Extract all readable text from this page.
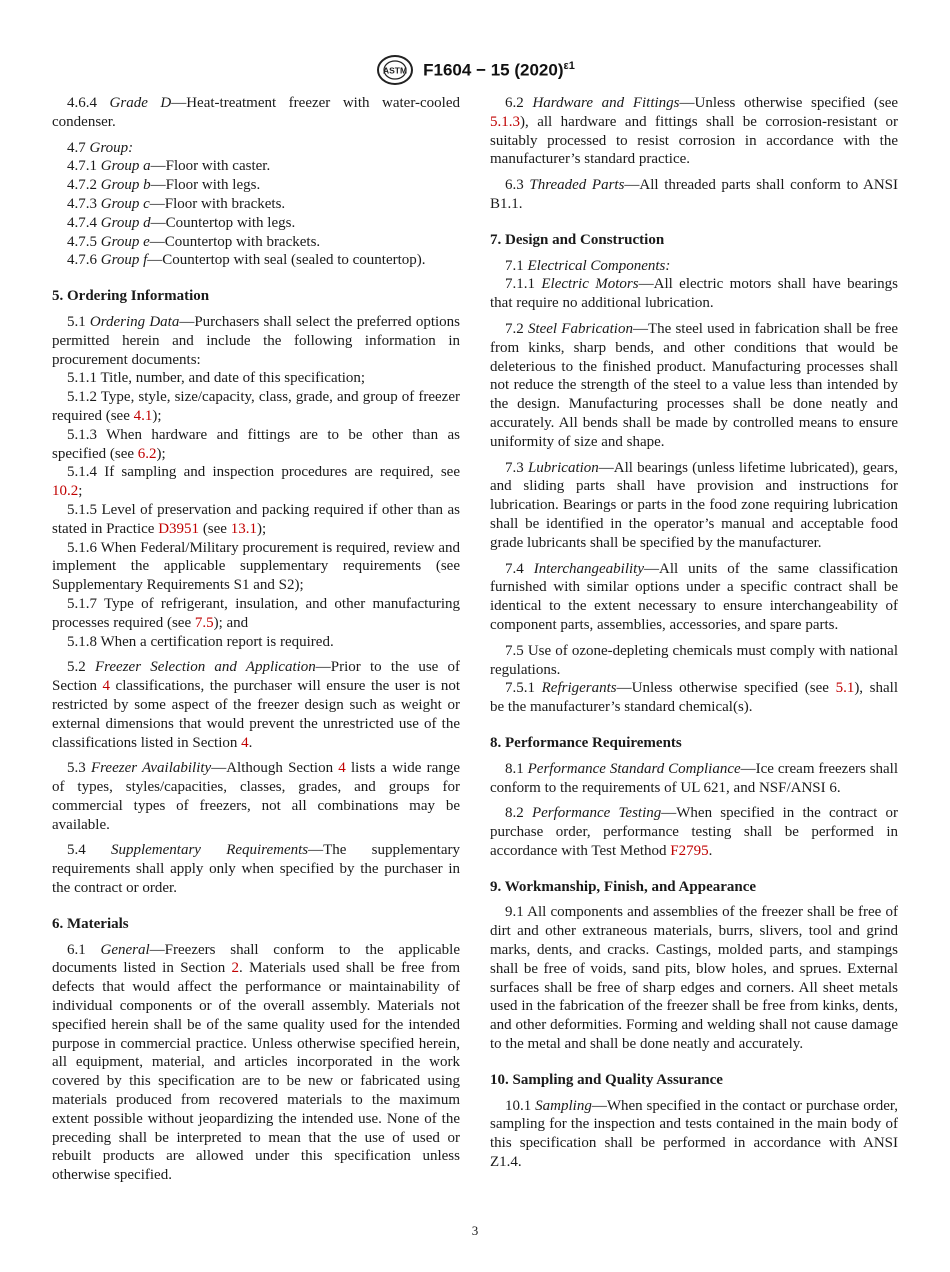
ASTM F1604 − 15 $(2020)^{\varepsilon 1}$

4.6.4 Grade D—Heat-treatment freezer with water-cooled condenser.

4.7 Group:

4.7.1 Group a—Floor with caster.
4.7.2 Group b—Floor with legs.
4.7.3 Group c—Floor with brackets.
4.7.4 Group d—Countertop with legs.
4.7.5 Group e—Countertop with brackets.
4.7.6 Group f—Countertop with seal (sealed to countertop).
5. Ordering Information

5.1 Ordering Data—Purchasers shall select the preferred options permitted herein and include the following information in procurement documents:

5.1.1 Title, number, and date of this specification;

5.1.2 Type, style, size/capacity, class, grade, and group of freezer required (see 4.1);

5.1.3 When hardware and fittings are to be other than as specified (see 6.2);

5.1.4 If sampling and inspection procedures are required, see 10.2;

5.1.5 Level of preservation and packing required if other than as stated in Practice D3951 (see 13.1);

5.1.6 When Federal/Military procurement is required, review and implement the applicable supplementary requirements (see Supplementary Requirements S1 and S2);

5.1.7 Type of refrigerant, insulation, and other manufacturing processes required (see 7.5); and

5.1.8 When a certification report is required.

5.2 Freezer Selection and Application—Prior to the use of Section 4 classifications, the purchaser will ensure the user is not restricted by some aspect of the freezer design such as weight or external dimensions that would prevent the unrestricted use of the classifications listed in Section 4.

5.3 Freezer Availability—Although Section 4 lists a wide range of types, styles/capacities, classes, grades, and groups for commercial types of freezers, not all combinations may be available.

5.4 Supplementary Requirements—The supplementary requirements shall apply only when specified by the purchaser in the contract or order.

6. Materials

6.1 General—Freezers shall conform to the applicable documents listed in Section 2. Materials used shall be free from defects that would affect the performance or maintainability of individual components or of the overall assembly. Materials not specified herein shall be of the same quality used for the intended purpose in commercial practice. Unless otherwise specified herein, all equipment, material, and articles incorporated in the work covered by this specification are to be new or fabricated using materials produced from recovered materials to the maximum extent possible without jeopardizing the intended use. None of the preceding shall be interpreted to mean that the use of used or rebuilt products are allowed under this specification unless otherwise specified.

6.2 Hardware and Fittings—Unless otherwise specified (see 5.1.3), all hardware and fittings shall be corrosion-resistant or suitably processed to resist corrosion in accordance with the manufacturer’s standard practice.

6.3 Threaded Parts—All threaded parts shall conform to ANSI B1.1.

7. Design and Construction

7.1 Electrical Components:

7.1.1 Electric Motors—All electric motors shall have bearings that require no additional lubrication.

7.2 Steel Fabrication—The steel used in fabrication shall be free from kinks, sharp bends, and other conditions that would be deleterious to the finished product. Manufacturing processes shall not reduce the strength of the steel to a value less than intended by the design. Manufacturing processes shall be done neatly and accurately. All bends shall be made by controlled means to ensure uniformity of size and shape.

7.3 Lubrication—All bearings (unless lifetime lubricated), gears, and sliding parts shall have provision and instructions for lubrication. Bearings or parts in the food zone requiring lubrication shall be identified in the operator’s manual and acceptable food grade lubricants shall be specified by the manufacturer.

7.4 Interchangeability—All units of the same classification furnished with similar options under a specific contract shall be identical to the extent necessary to ensure interchangeability of component parts, assemblies, accessories, and spare parts.

7.5 Use of ozone-depleting chemicals must comply with national regulations.

7.5.1 Refrigerants—Unless otherwise specified (see 5.1), shall be the manufacturer’s standard chemical(s).

8. Performance Requirements

8.1 Performance Standard Compliance—Ice cream freezers shall conform to the requirements of UL 621, and NSF/ANSI 6.

8.2 Performance Testing—When specified in the contract or purchase order, performance testing shall be performed in accordance with Test Method F2795.

9. Workmanship, Finish, and Appearance

9.1 All components and assemblies of the freezer shall be free of dirt and other extraneous materials, burrs, slivers, tool and grind marks, dents, and cracks. Castings, molded parts, and stampings shall be free of voids, sand pits, blow holes, and sprues. External surfaces shall be free of sharp edges and corners. All sheet metals used in the fabrication of the freezer shall be free from kinks, dents, and other deformities. Forming and welding shall not cause damage to the metal and shall be done neatly and accurately.

10. Sampling and Quality Assurance

10.1 Sampling—When specified in the contact or purchase order, sampling for the inspection and tests contained in the main body of this specification shall be performed in accordance with ANSI Z1.4.

3
